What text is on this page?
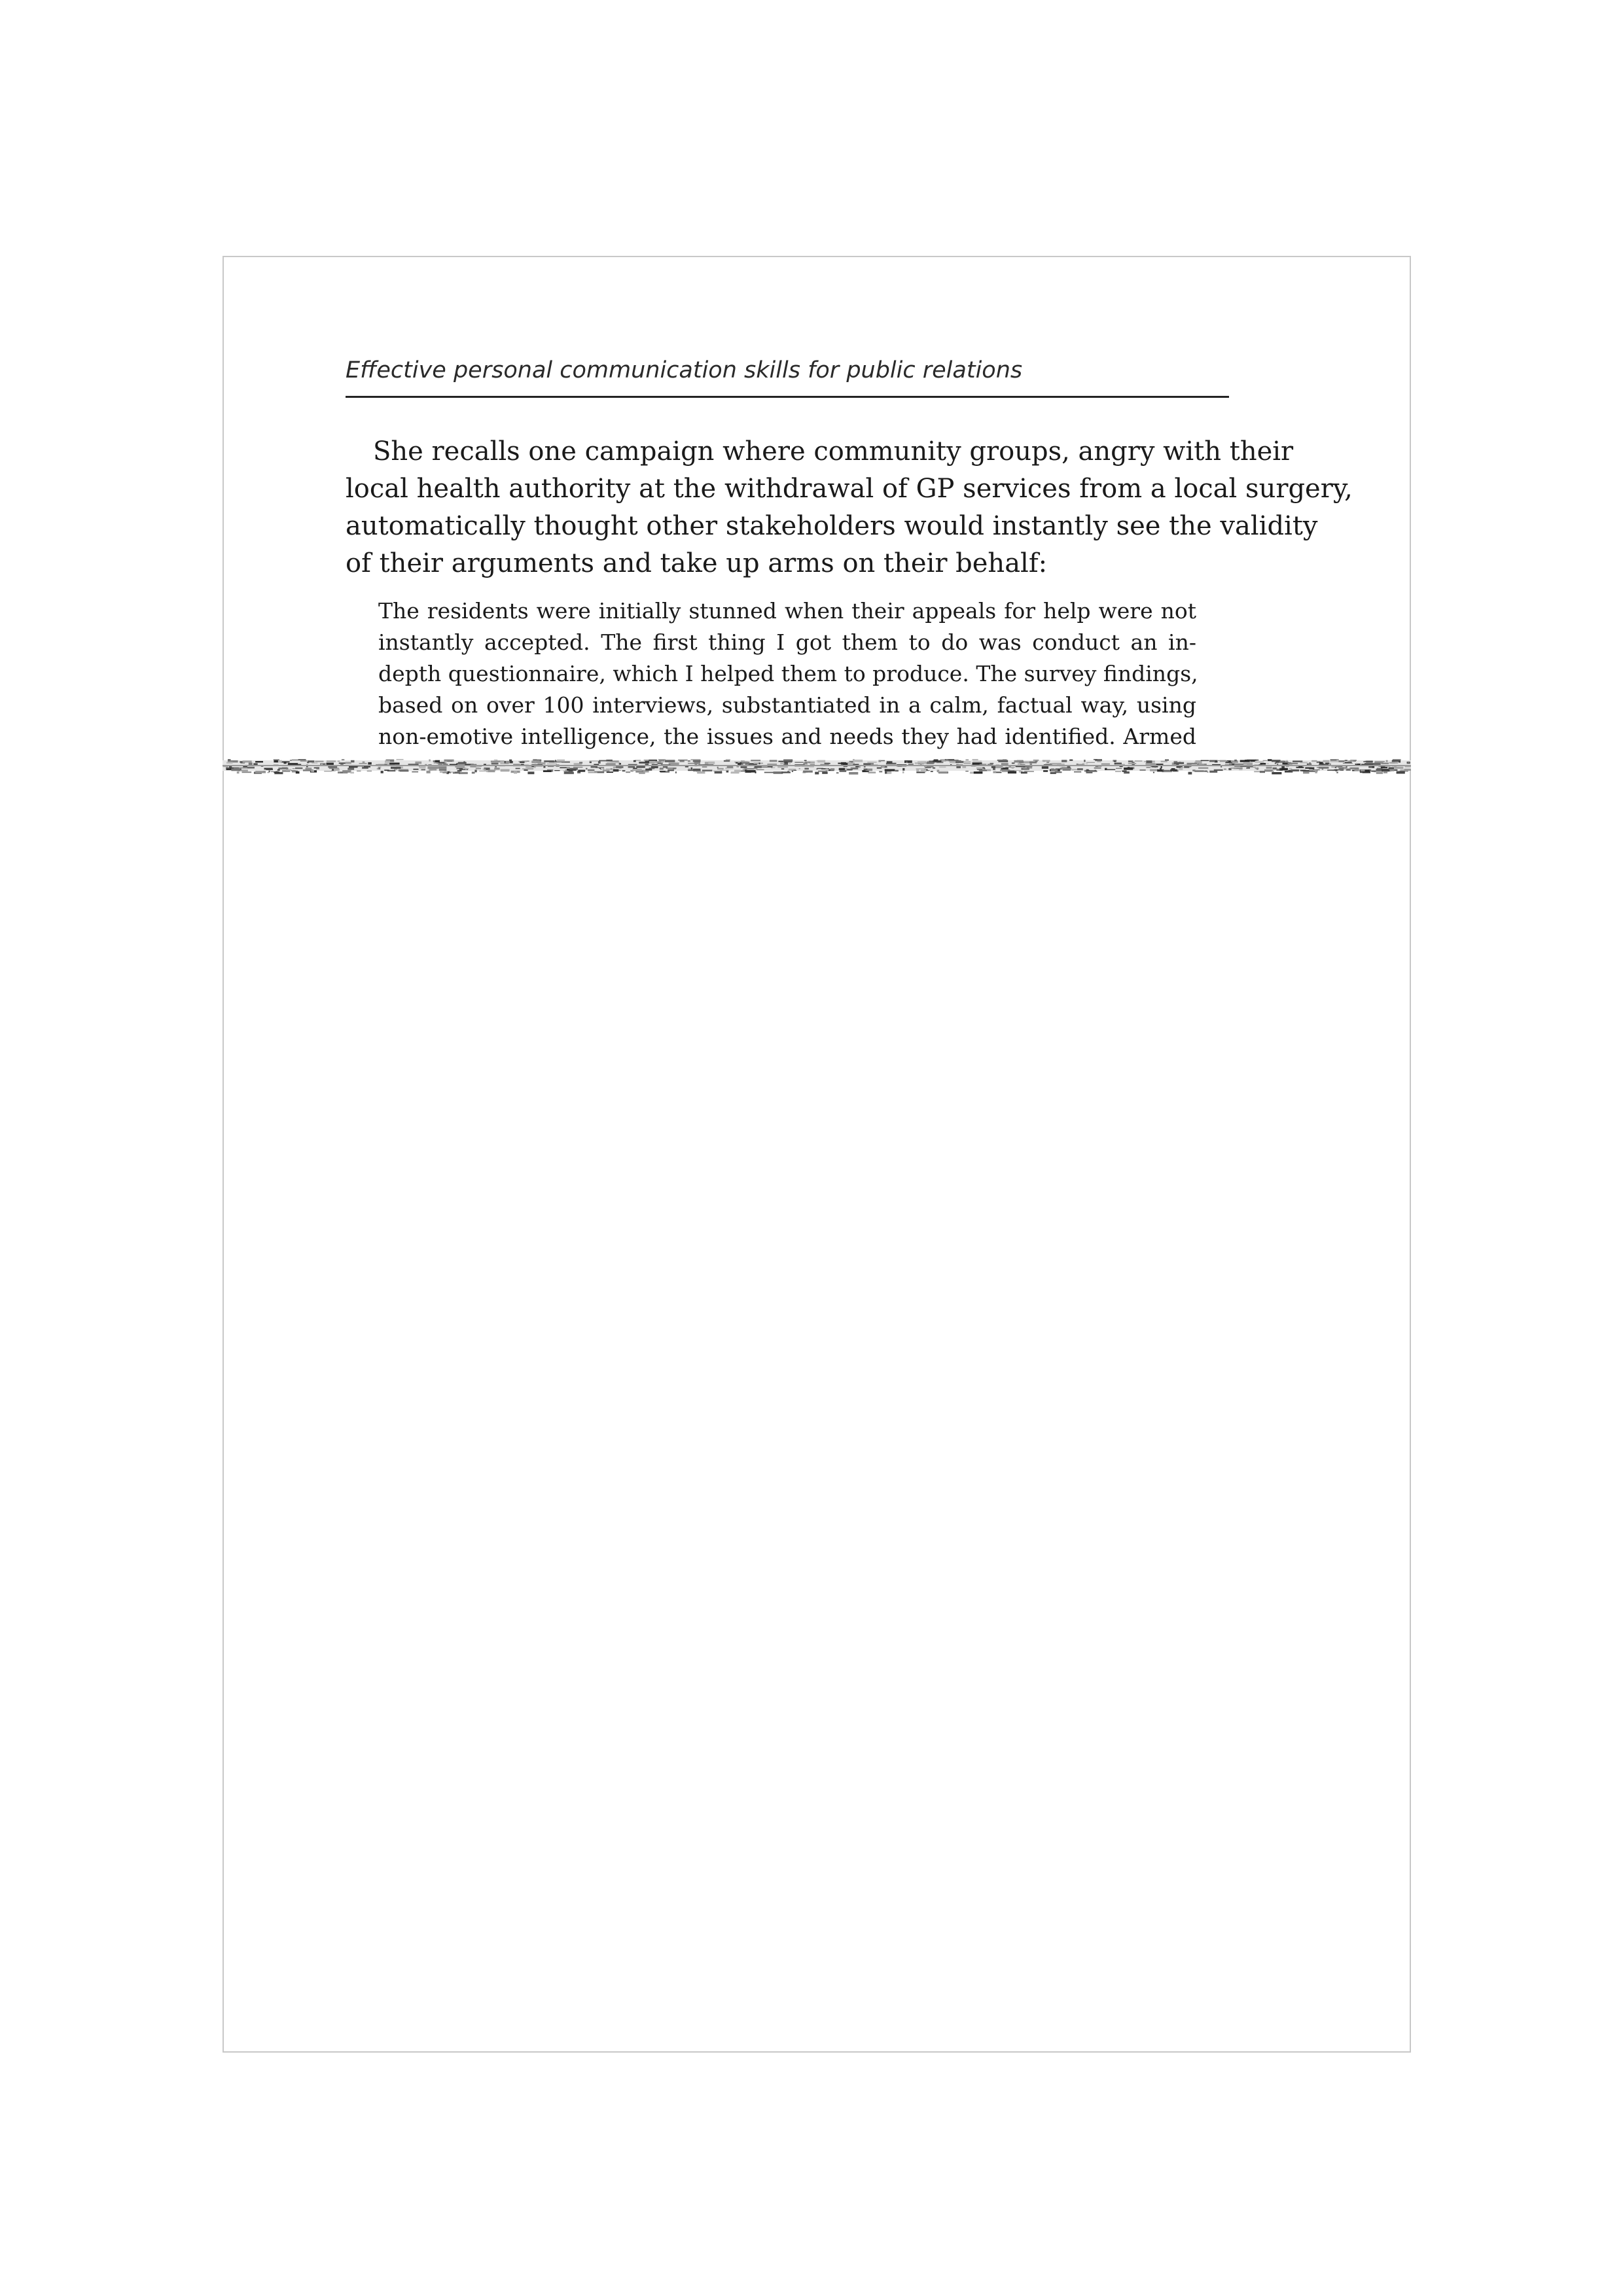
Effective personal communication skills for public relations
She recalls one campaign where community groups, angry with their
local health authority at the withdrawal of GP services from a local surgery,
automatically thought other stakeholders would instantly see the validity
of their arguments and take up arms on their behalf:
The residents were initially stunned when their appeals for help were not
instantly accepted. The first thing I got them to do was conduct an in-
depth questionnaire, which I helped them to produce. The survey findings,
based on over 100 interviews, substantiated in a calm, factual way, using
non-emotive intelligence, the issues and needs they had identified. Armed
